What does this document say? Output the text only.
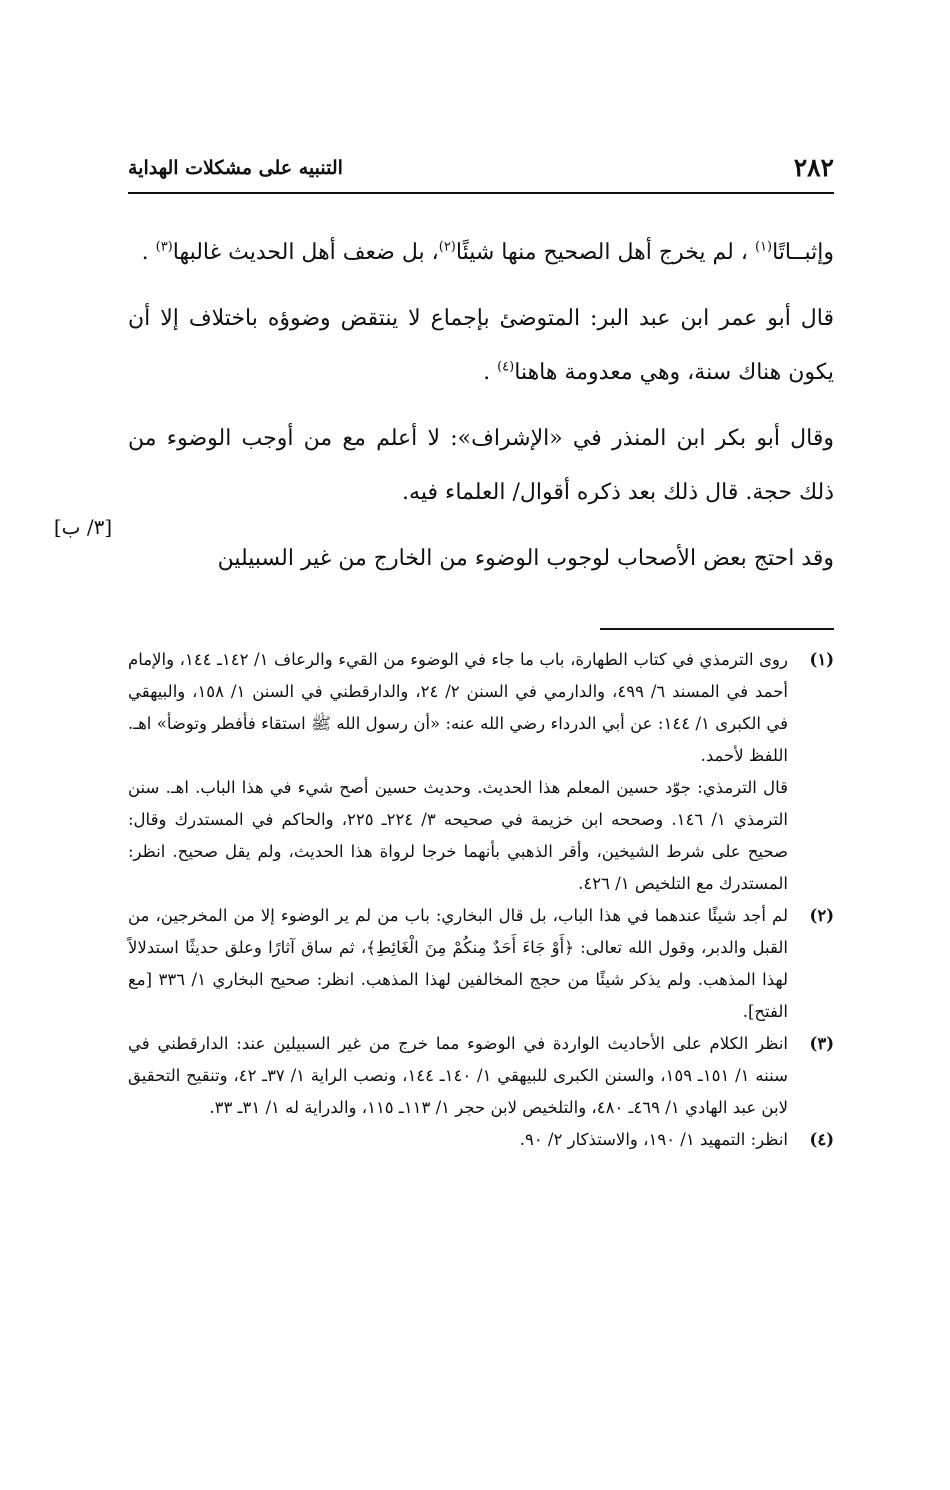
٢٨٢
التنبيه على مشكلات الهداية

وإثبــاتًا$^{(١)}$ ، لم يخرج أهل الصحيح منها شيئًا$^{(٢)}$، بل ضعف أهل الحديث غالبها$^{(٣)}$ .

قال أبو عمر ابن عبد البر: المتوضئ بإجماع لا ينتقض وضوؤه باختلاف إلا أن يكون هناك سنة، وهي معدومة هاهنا$^{(٤)}$ .

وقال أبو بكر ابن المنذر في «الإشراف»: لا أعلم مع من أوجب الوضوء من ذلك حجة. قال ذلك بعد ذكره أقوال/ العلماء فيه.

وقد احتج بعض الأصحاب لوجوب الوضوء من الخارج من غير السبيلين

[٣/ ب]
(١)

روى الترمذي في كتاب الطهارة، باب ما جاء في الوضوء من القيء والرعاف ١/ ١٤٢ـ ١٤٤، والإمام أحمد في المسند ٦/ ٤٩٩، والدارمي في السنن ٢/ ٢٤، والدارقطني في السنن ١/ ١٥٨، والبيهقي في الكبرى ١/ ١٤٤: عن أبي الدرداء رضي الله عنه: «أن رسول الله ﷺ استقاء فأفطر وتوضأ» اهـ. اللفظ لأحمد.

قال الترمذي: جوّد حسين المعلم هذا الحديث. وحديث حسين أصح شيء في هذا الباب. اهـ. سنن الترمذي ١/ ١٤٦. وصححه ابن خزيمة في صحيحه ٣/ ٢٢٤ـ ٢٢٥، والحاكم في المستدرك وقال: صحيح على شرط الشيخين، وأقر الذهبي بأنهما خرجا لرواة هذا الحديث، ولم يقل صحيح. انظر: المستدرك مع التلخيص ١/ ٤٢٦.

(٢)

لم أجد شيئًا عندهما في هذا الباب، بل قال البخاري: باب من لم ير الوضوء إلا من المخرجين، من القبل والدبر، وقول الله تعالى: ﴿أَوْ جَاءَ أَحَدٌ مِنكُمْ مِنَ الْغَائِطِ﴾، ثم ساق آثارًا وعلق حديثًا استدلالاً لهذا المذهب. ولم يذكر شيئًا من حجج المخالفين لهذا المذهب. انظر: صحيح البخاري ١/ ٣٣٦ [مع الفتح].

(٣)

انظر الكلام على الأحاديث الواردة في الوضوء مما خرج من غير السبيلين عند: الدارقطني في سننه ١/ ١٥١ـ ١٥٩، والسنن الكبرى للبيهقي ١/ ١٤٠ـ ١٤٤، ونصب الراية ١/ ٣٧ـ ٤٢، وتنقيح التحقيق لابن عبد الهادي ١/ ٤٦٩ـ ٤٨٠، والتلخيص لابن حجر ١/ ١١٣ـ ١١٥، والدراية له ١/ ٣١ـ ٣٣.

(٤)

انظر: التمهيد ١/ ١٩٠، والاستذكار ٢/ ٩٠.
